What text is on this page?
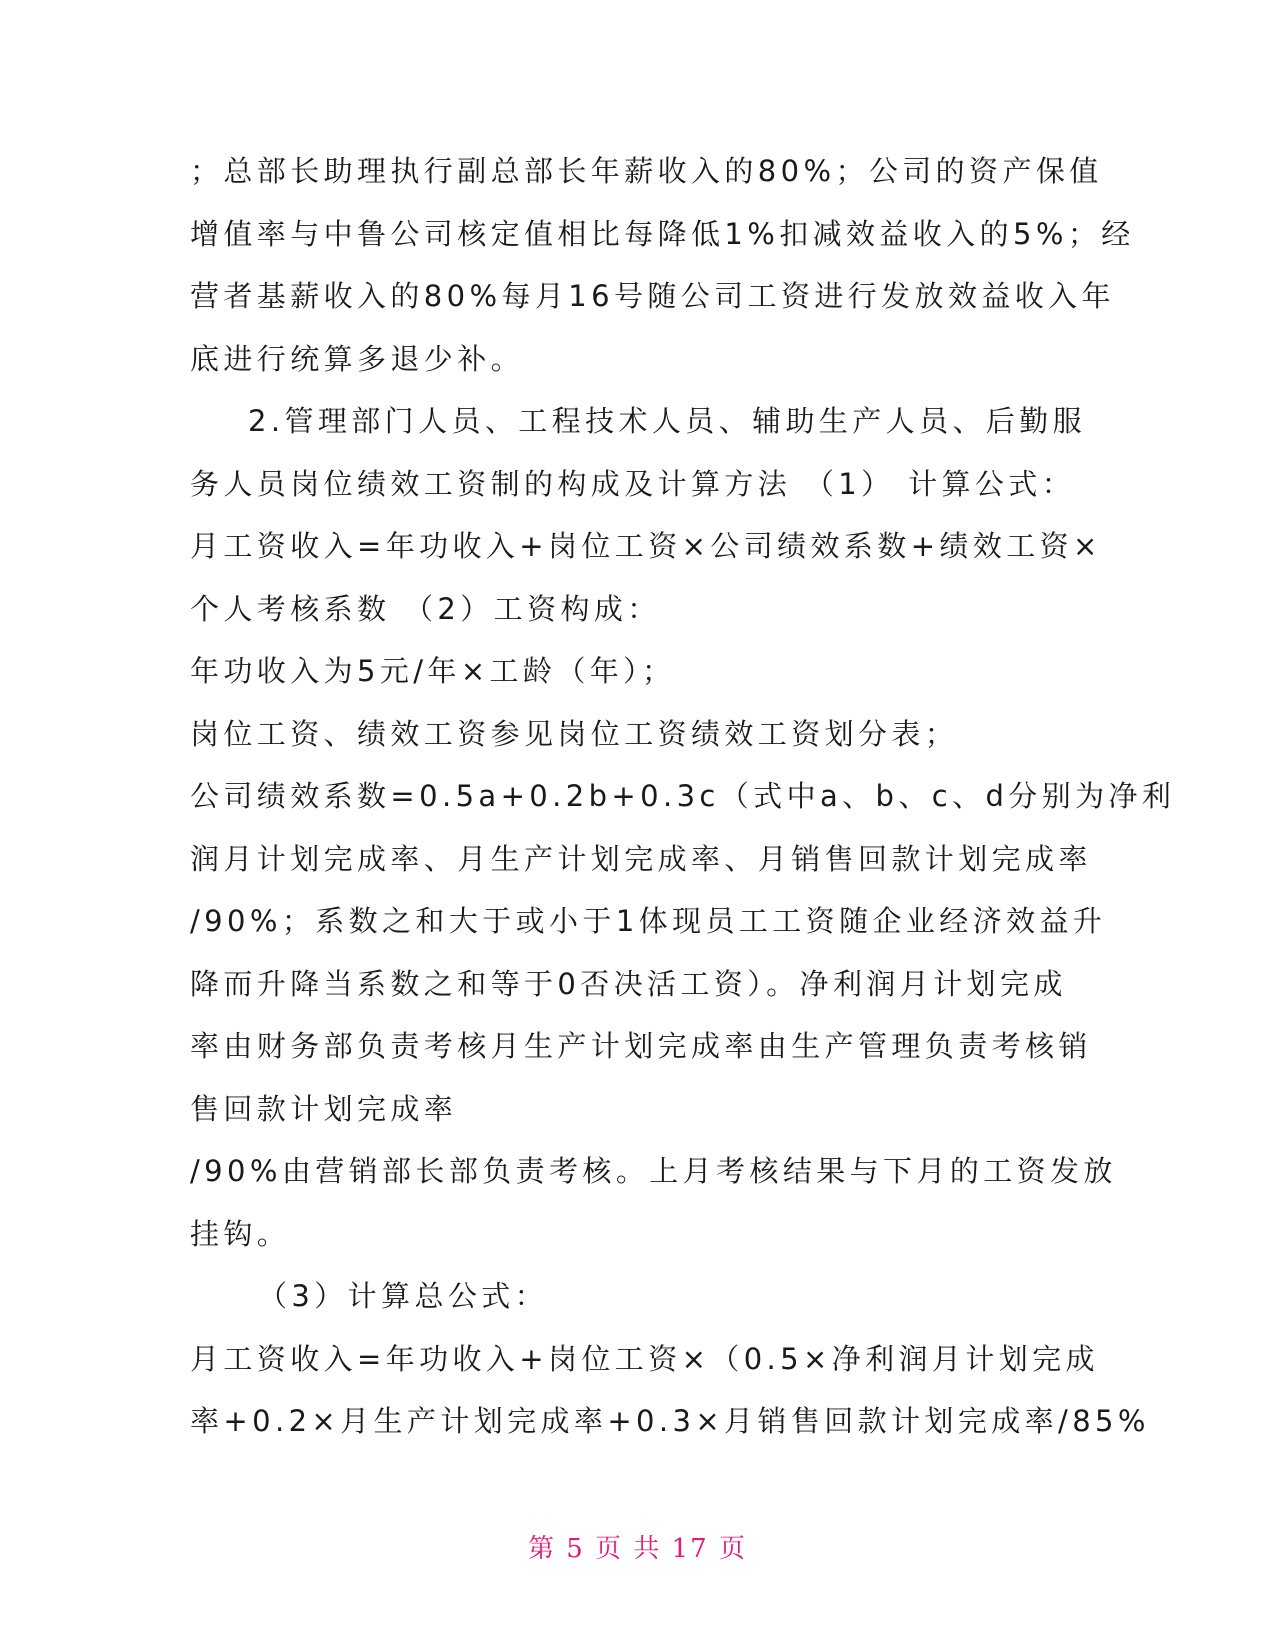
；总部长助理执行副总部长年薪收入的80%；公司的资产保值
增值率与中鲁公司核定值相比每降低1%扣减效益收入的5%；经
营者基薪收入的80%每月16号随公司工资进行发放效益收入年
底进行统算多退少补。
2.管理部门人员、工程技术人员、辅助生产人员、后勤服
务人员岗位绩效工资制的构成及计算方法 （1） 计算公式：
月工资收入=年功收入+岗位工资×公司绩效系数+绩效工资×
个人考核系数 （2）工资构成：
年功收入为5元/年×工龄（年）；
岗位工资、绩效工资参见岗位工资绩效工资划分表；
公司绩效系数=0.5a+0.2b+0.3c（式中a、b、c、d分别为净利
润月计划完成率、月生产计划完成率、月销售回款计划完成率
/90%；系数之和大于或小于1体现员工工资随企业经济效益升
降而升降当系数之和等于0否决活工资）。净利润月计划完成
率由财务部负责考核月生产计划完成率由生产管理负责考核销
售回款计划完成率
/90%由营销部长部负责考核。上月考核结果与下月的工资发放
挂钩。
（3）计算总公式：
月工资收入=年功收入+岗位工资×（0.5×净利润月计划完成
率+0.2×月生产计划完成率+0.3×月销售回款计划完成率/85%
第 5 页 共 17 页
